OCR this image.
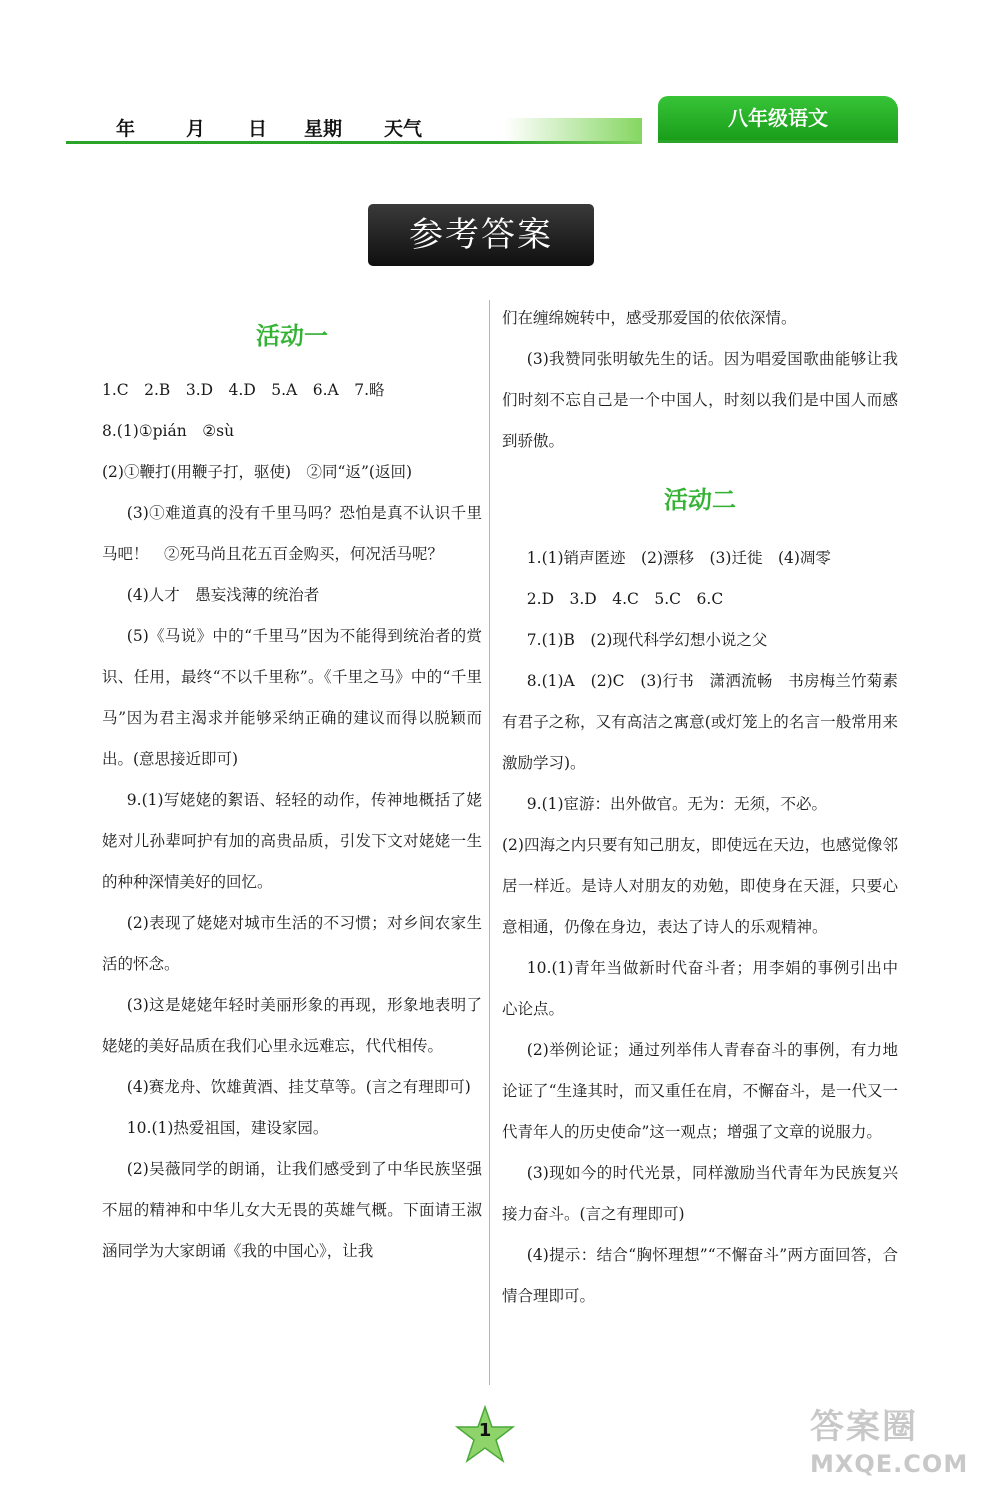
年	月	日	星期	天气	八年级语文
参考答案
活动一

1.C　2.B　3.D　4.D　5.A　6.A　7.略

8.(1)①pián　②sù

(2)①鞭打(用鞭子打，驱使)　②同“返”(返回)

(3)①难道真的没有千里马吗？恐怕是真不认识千里马吧！　②死马尚且花五百金购买，何况活马呢？

(4)人才　愚妄浅薄的统治者

(5)《马说》中的“千里马”因为不能得到统治者的赏识、任用，最终“不以千里称”。《千里之马》中的“千里马”因为君主渴求并能够采纳正确的建议而得以脱颖而出。(意思接近即可)

9.(1)写姥姥的絮语、轻轻的动作，传神地概括了姥姥对儿孙辈呵护有加的高贵品质，引发下文对姥姥一生的种种深情美好的回忆。

(2)表现了姥姥对城市生活的不习惯；对乡间农家生活的怀念。

(3)这是姥姥年轻时美丽形象的再现，形象地表明了姥姥的美好品质在我们心里永远难忘，代代相传。

(4)赛龙舟、饮雄黄酒、挂艾草等。(言之有理即可)

10.(1)热爱祖国，建设家园。

(2)吴薇同学的朗诵，让我们感受到了中华民族坚强不屈的精神和中华儿女大无畏的英雄气概。下面请王淑涵同学为大家朗诵《我的中国心》，让我

们在缠绵婉转中，感受那爱国的依依深情。

(3)我赞同张明敏先生的话。因为唱爱国歌曲能够让我们时刻不忘自己是一个中国人，时刻以我们是中国人而感到骄傲。

活动二

1.(1)销声匿迹　(2)漂移　(3)迁徙　(4)凋零

2.D　3.D　4.C　5.C　6.C

7.(1)B　(2)现代科学幻想小说之父

8.(1)A　(2)C　(3)行书　潇洒流畅　书房梅兰竹菊素有君子之称，又有高洁之寓意(或灯笼上的名言一般常用来激励学习)。

9.(1)宦游：出外做官。无为：无须，不必。

(2)四海之内只要有知己朋友，即使远在天边，也感觉像邻居一样近。是诗人对朋友的劝勉，即使身在天涯，只要心意相通，仍像在身边，表达了诗人的乐观精神。

10.(1)青年当做新时代奋斗者；用李娟的事例引出中心论点。

(2)举例论证；通过列举伟人青春奋斗的事例，有力地论证了“生逢其时，而又重任在肩，不懈奋斗，是一代又一代青年人的历史使命”这一观点；增强了文章的说服力。

(3)现如今的时代光景，同样激励当代青年为民族复兴接力奋斗。(言之有理即可)

(4)提示：结合“胸怀理想”“不懈奋斗”两方面回答，合情合理即可。

1	答案圈
MXQE.COM
